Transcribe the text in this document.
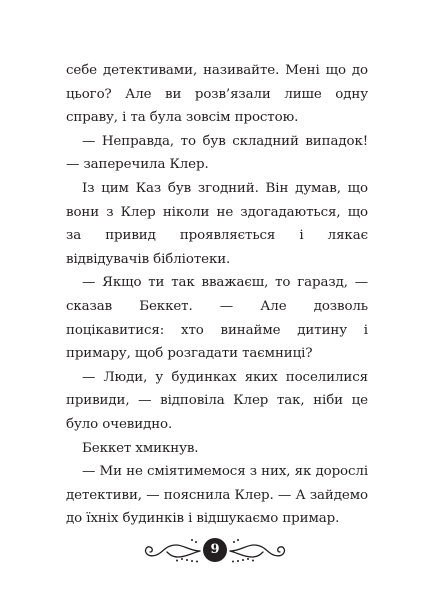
себе детективами, називайте. Мені що до цього? Але ви розв’язали лише одну справу, і та була зовсім простою.

— Неправда, то був складний випадок! — заперечила Клер.

Із цим Каз був згодний. Він думав, що вони з Клер ніколи не здогадаються, що за привид проявляється і лякає відвідувачів бібліотеки.

— Якщо ти так вважаєш, то гаразд, — сказав Беккет. — Але дозволь поцікавитися: хто винайме дитину і примару, щоб розгадати таємниці?

— Люди, у будинках яких поселилися привиди, — відповіла Клер так, ніби це було очевидно.

Беккет хмикнув.

— Ми не сміятимемося з них, як дорослі детективи, — пояснила Клер. — А зайдемо до їхніх будинків і відшукаємо примар.

9
